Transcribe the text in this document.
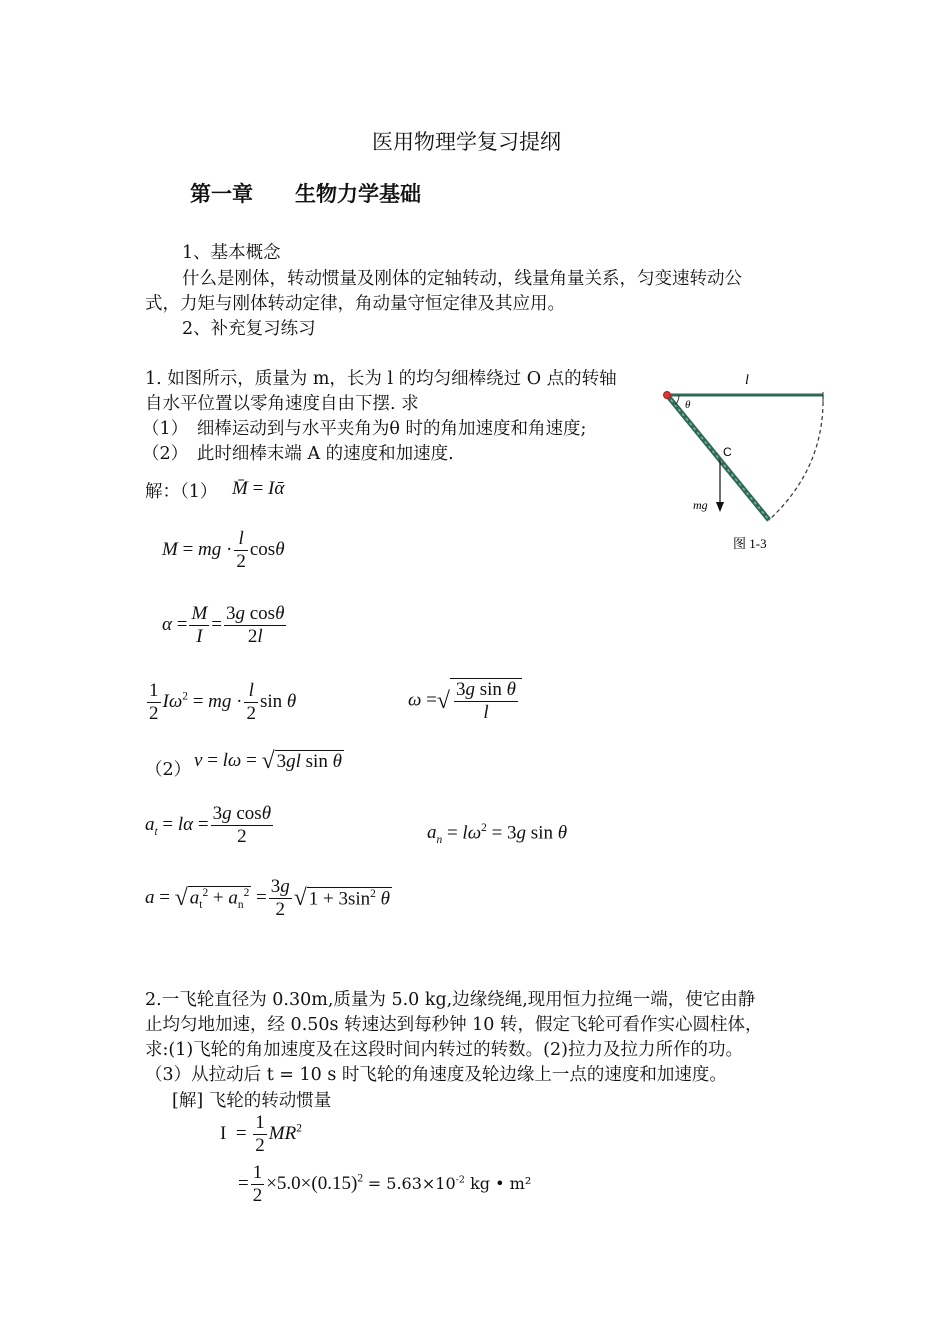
医用物理学复习提纲
第一章　　生物力学基础
1、基本概念
什么是刚体，转动惯量及刚体的定轴转动，线量角量关系，匀变速转动公
式，力矩与刚体转动定律，角动量守恒定律及其应用。
2、补充复习练习
1. 如图所示，质量为 m，长为 l 的均匀细棒绕过 O 点的转轴
自水平位置以零角速度自由下摆. 求
（1）　细棒运动到与水平夹角为θ 时的角加速度和角速度;
（2）　此时细棒末端 A 的速度和加速度.
l
θ
C
mg
图 1-3
解：（1） M̄ = Iᾱ
M = mg · $\frac{l}{2}$ cosθ
$\alpha = \frac{M}{I} = \frac{\text{3g cosθ}}{2l}$
$\frac{1}{2} I\omega^2$ = mg · $\frac{l}{2}$ sin θ	ω =√ $\frac{\text{3g sin θ}}{l}$
（2） v = lω = √ 3gl sin θ
$a_t = l\alpha = \frac{\text{3g cosθ}}{2}$	$a_n = l\omega^2 = 3g$ sin θ
a = √ $a_t^2 + a_n^2 = \frac{3g}{2}$ √ $1 + 3\sin^2$ θ
2.一飞轮直径为 0.30m,质量为 5.0 kg,边缘绕绳,现用恒力拉绳一端，使它由静
止均匀地加速，经 0.50s 转速达到每秒钟 10 转，假定飞轮可看作实心圆柱体，
求:(1)飞轮的角加速度及在这段时间内转过的转数。(2)拉力及拉力所作的功。
（3）从拉动后 t = 10 s 时飞轮的角速度及轮边缘上一点的速度和加速度。
[解] 飞轮的转动惯量
$I = \frac{1}{2} MR^2$
= $\frac{1}{2} \times 5.0\times(0.15)^2 = 5.63\times 10^{-2}$ kg • m²
